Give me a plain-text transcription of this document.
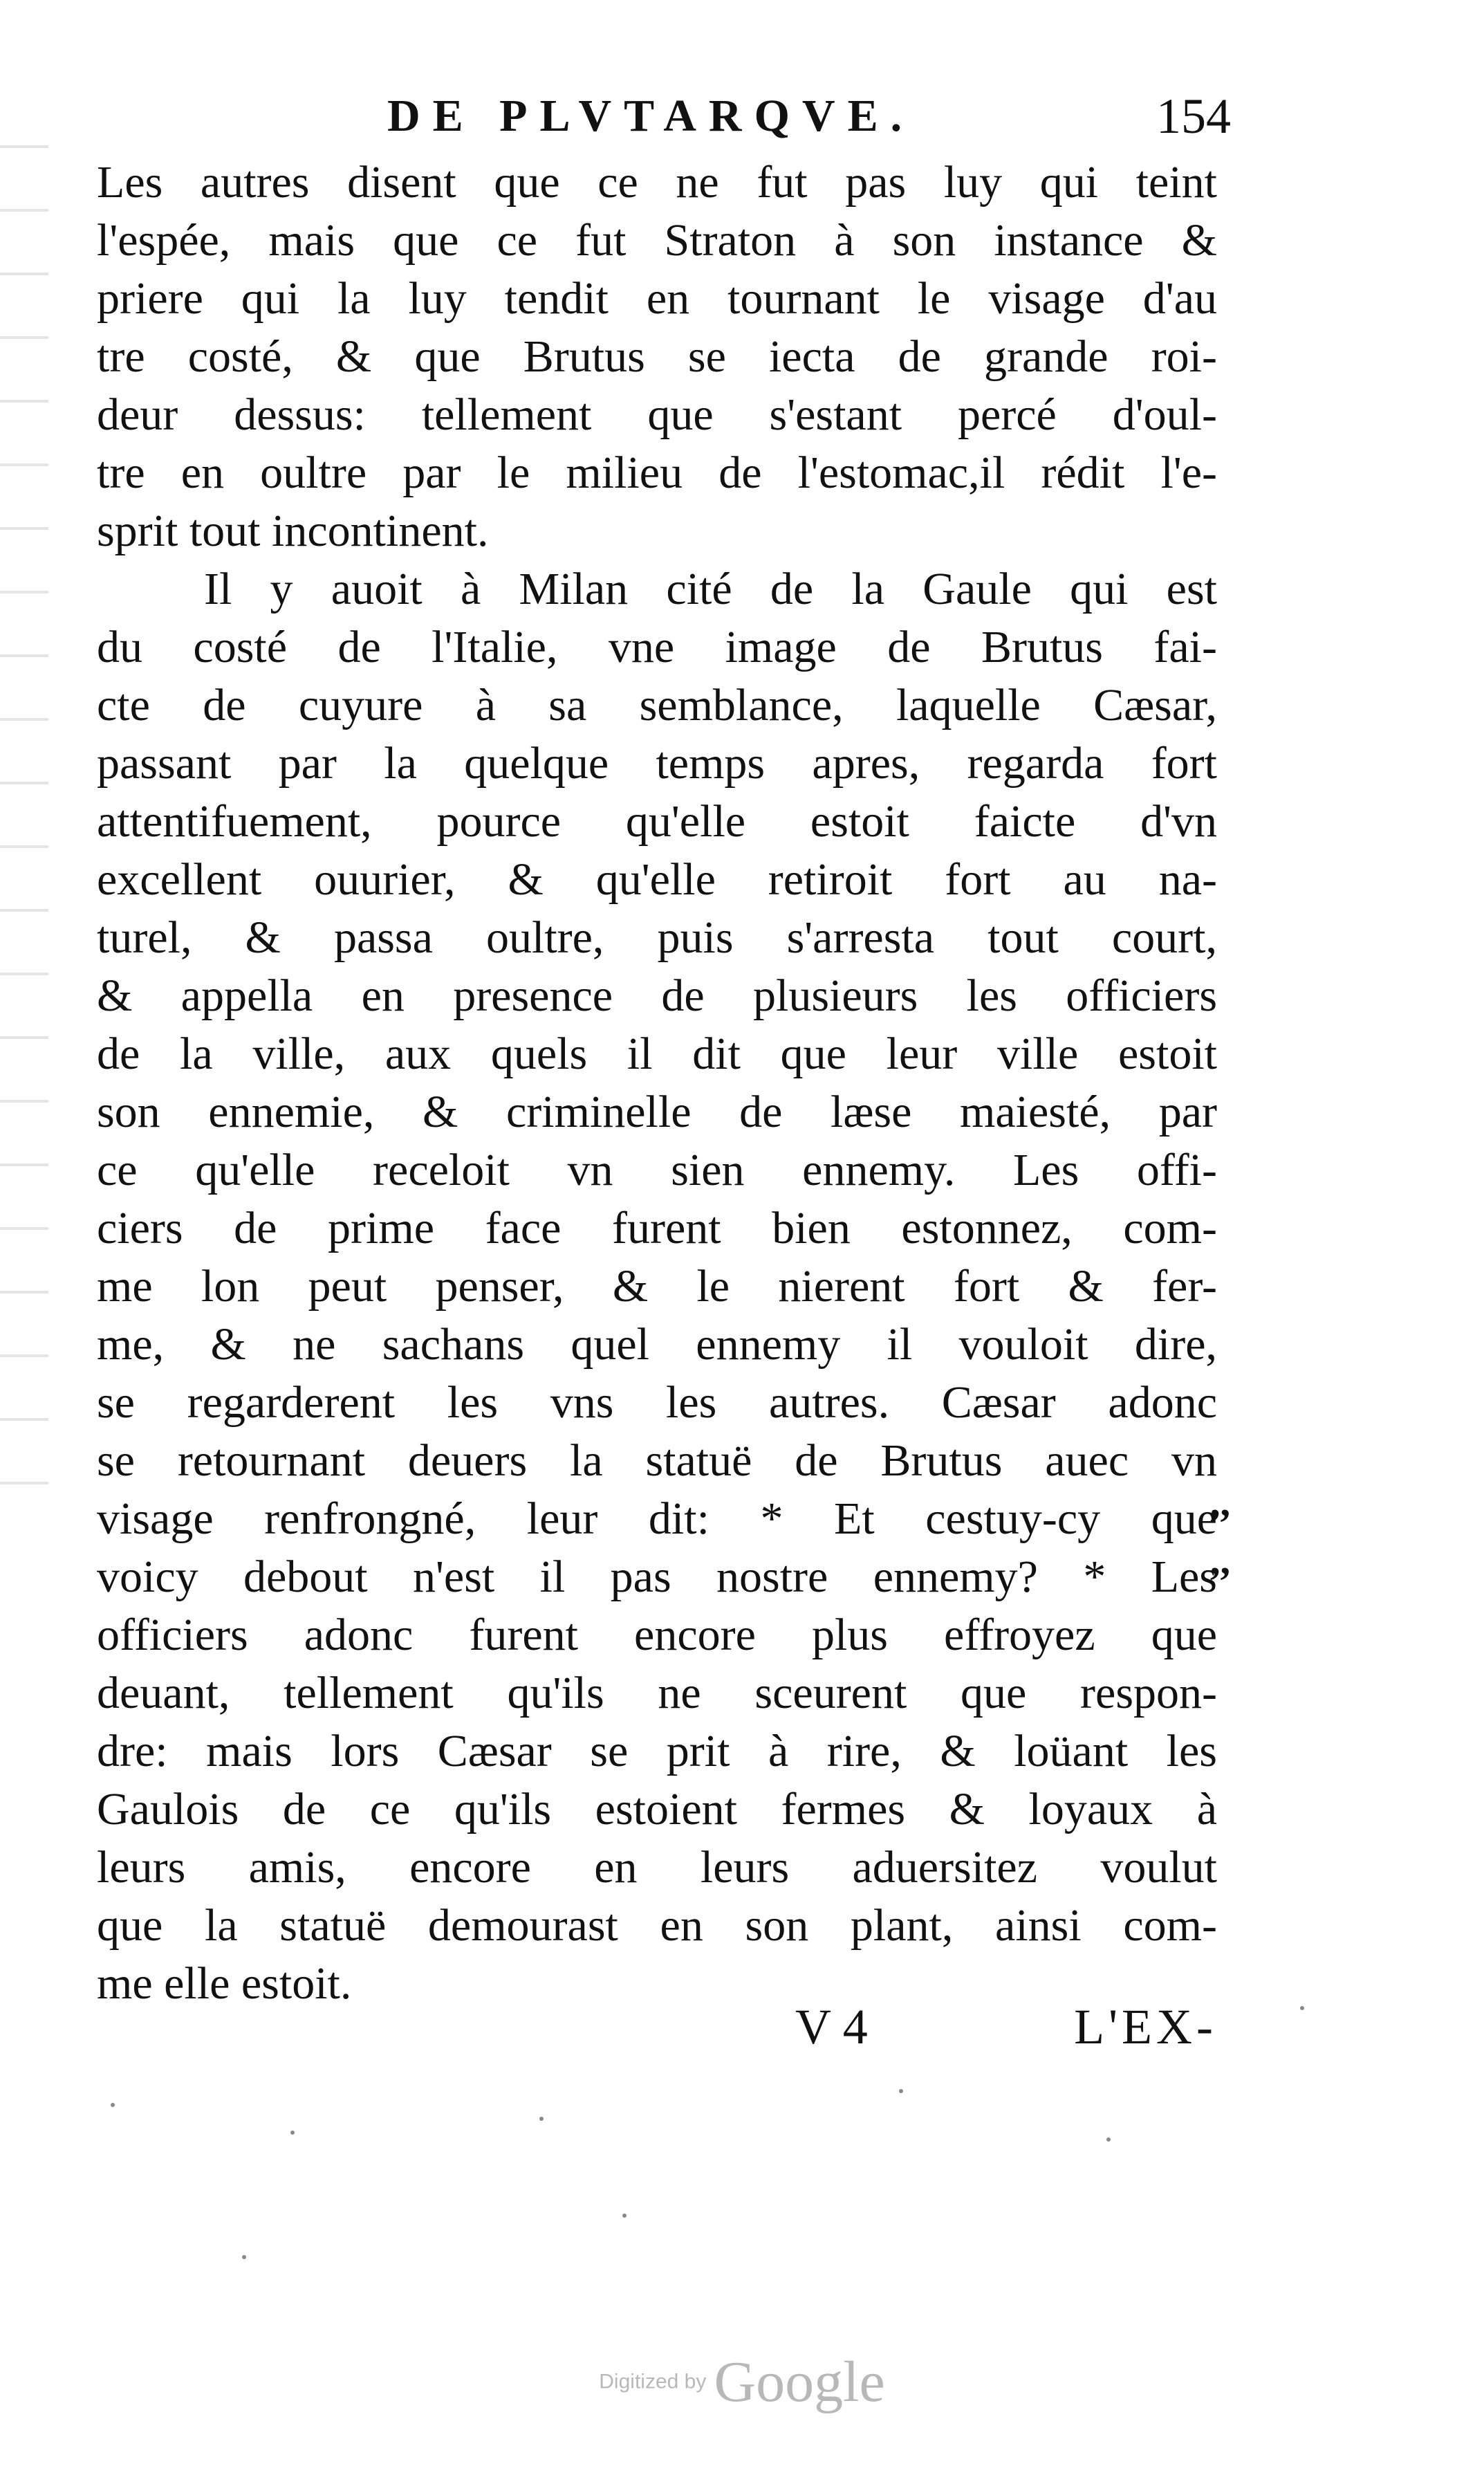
DE PLVTARQVE.	154
Les autres disent que ce ne fut pas luy qui teint
l'espée, mais que ce fut Straton à son instance &
priere qui la luy tendit en tournant le visage d'au
tre costé, & que Brutus se iecta de grande roi-
deur dessus: tellement que s'estant percé d'oul-
tre en oultre par le milieu de l'estomac,il rédit l'e-
sprit tout incontinent.
Il y auoit à Milan cité de la Gaule qui est
du costé de l'Italie, vne image de Brutus fai-
cte de cuyure à sa semblance, laquelle Cæsar,
passant par la quelque temps apres, regarda fort
attentifuement, pource qu'elle estoit faicte d'vn
excellent ouurier, & qu'elle retiroit fort au na-
turel, & passa oultre, puis s'arresta tout court,
& appella en presence de plusieurs les officiers
de la ville, aux quels il dit que leur ville estoit
son ennemie, & criminelle de læse maiesté, par
ce qu'elle receloit vn sien ennemy. Les offi-
ciers de prime face furent bien estonnez, com-
me lon peut penser, & le nierent fort & fer-
me, & ne sachans quel ennemy il vouloit dire,
se regarderent les vns les autres. Cæsar adonc
se retournant deuers la statuë de Brutus auec vn
visage renfrongné, leur dit: * Et cestuy-cy que
voicy debout n'est il pas nostre ennemy? * Les
officiers adonc furent encore plus effroyez que
deuant, tellement qu'ils ne sceurent que respon-
dre: mais lors Cæsar se prit à rire, & loüant les
Gaulois de ce qu'ils estoient fermes & loyaux à
leurs amis, encore en leurs aduersitez voulut
que la statuë demourast en son plant, ainsi com-
me elle estoit.
,,
,,
V 4	L'EX-
Digitized by Google
